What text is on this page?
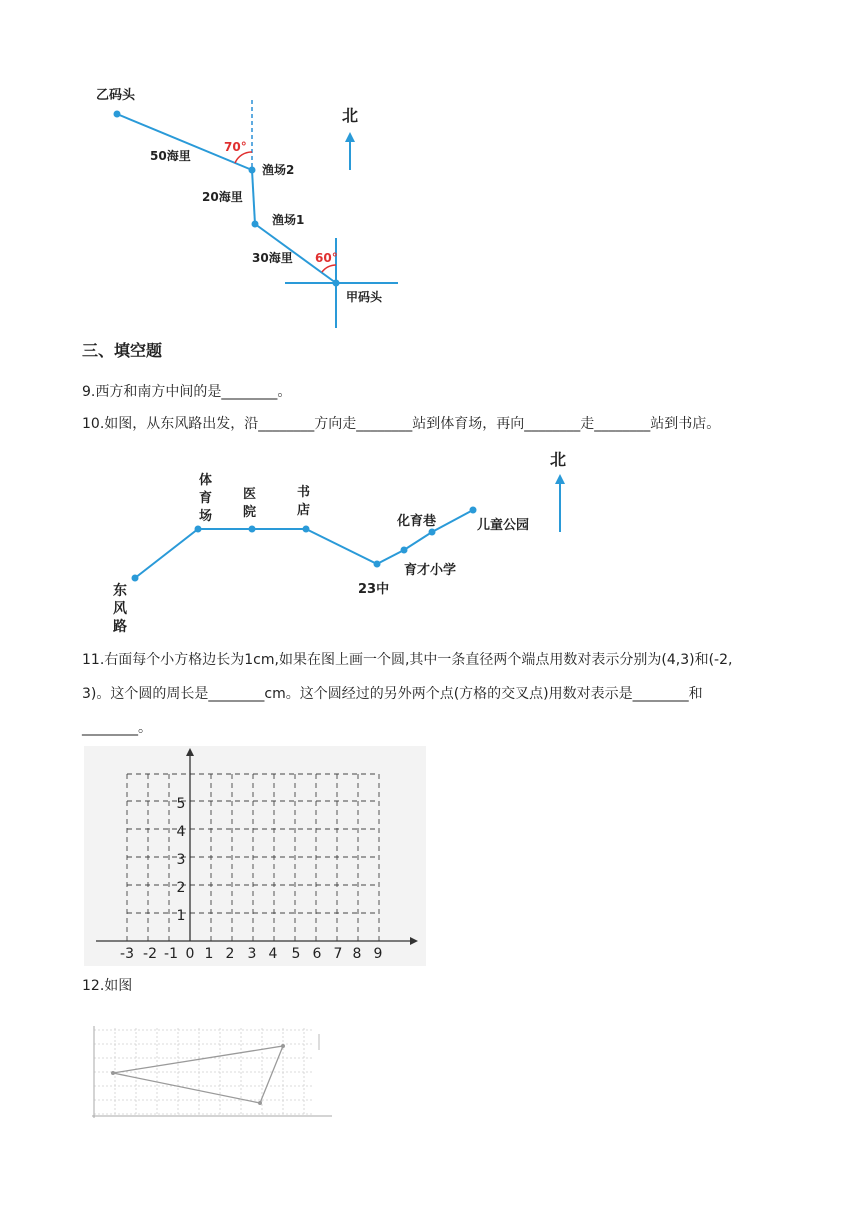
乙码头
70°
50海里
渔场2
20海里
渔场1
30海里 60°
甲码头
北
三、填空题
9.西方和南方中间的是________。
10.如图，从东风路出发，沿________方向走________站到体育场，再向________走________站到书店。
东
风
路
体
育
场
医
院
书
店
23中
育才小学
化育巷	儿童公园
北
11.右面每个小方格边长为1cm,如果在图上画一个圆,其中一条直径两个端点用数对表示分别为(4,3)和(-2,
3)。这个圆的周长是________cm。这个圆经过的另外两个点(方格的交叉点)用数对表示是________和
________。
-3 -2 -1 0 1 2 3 4 5 6 7 8 9
1
2
3
4
5
12.如图
